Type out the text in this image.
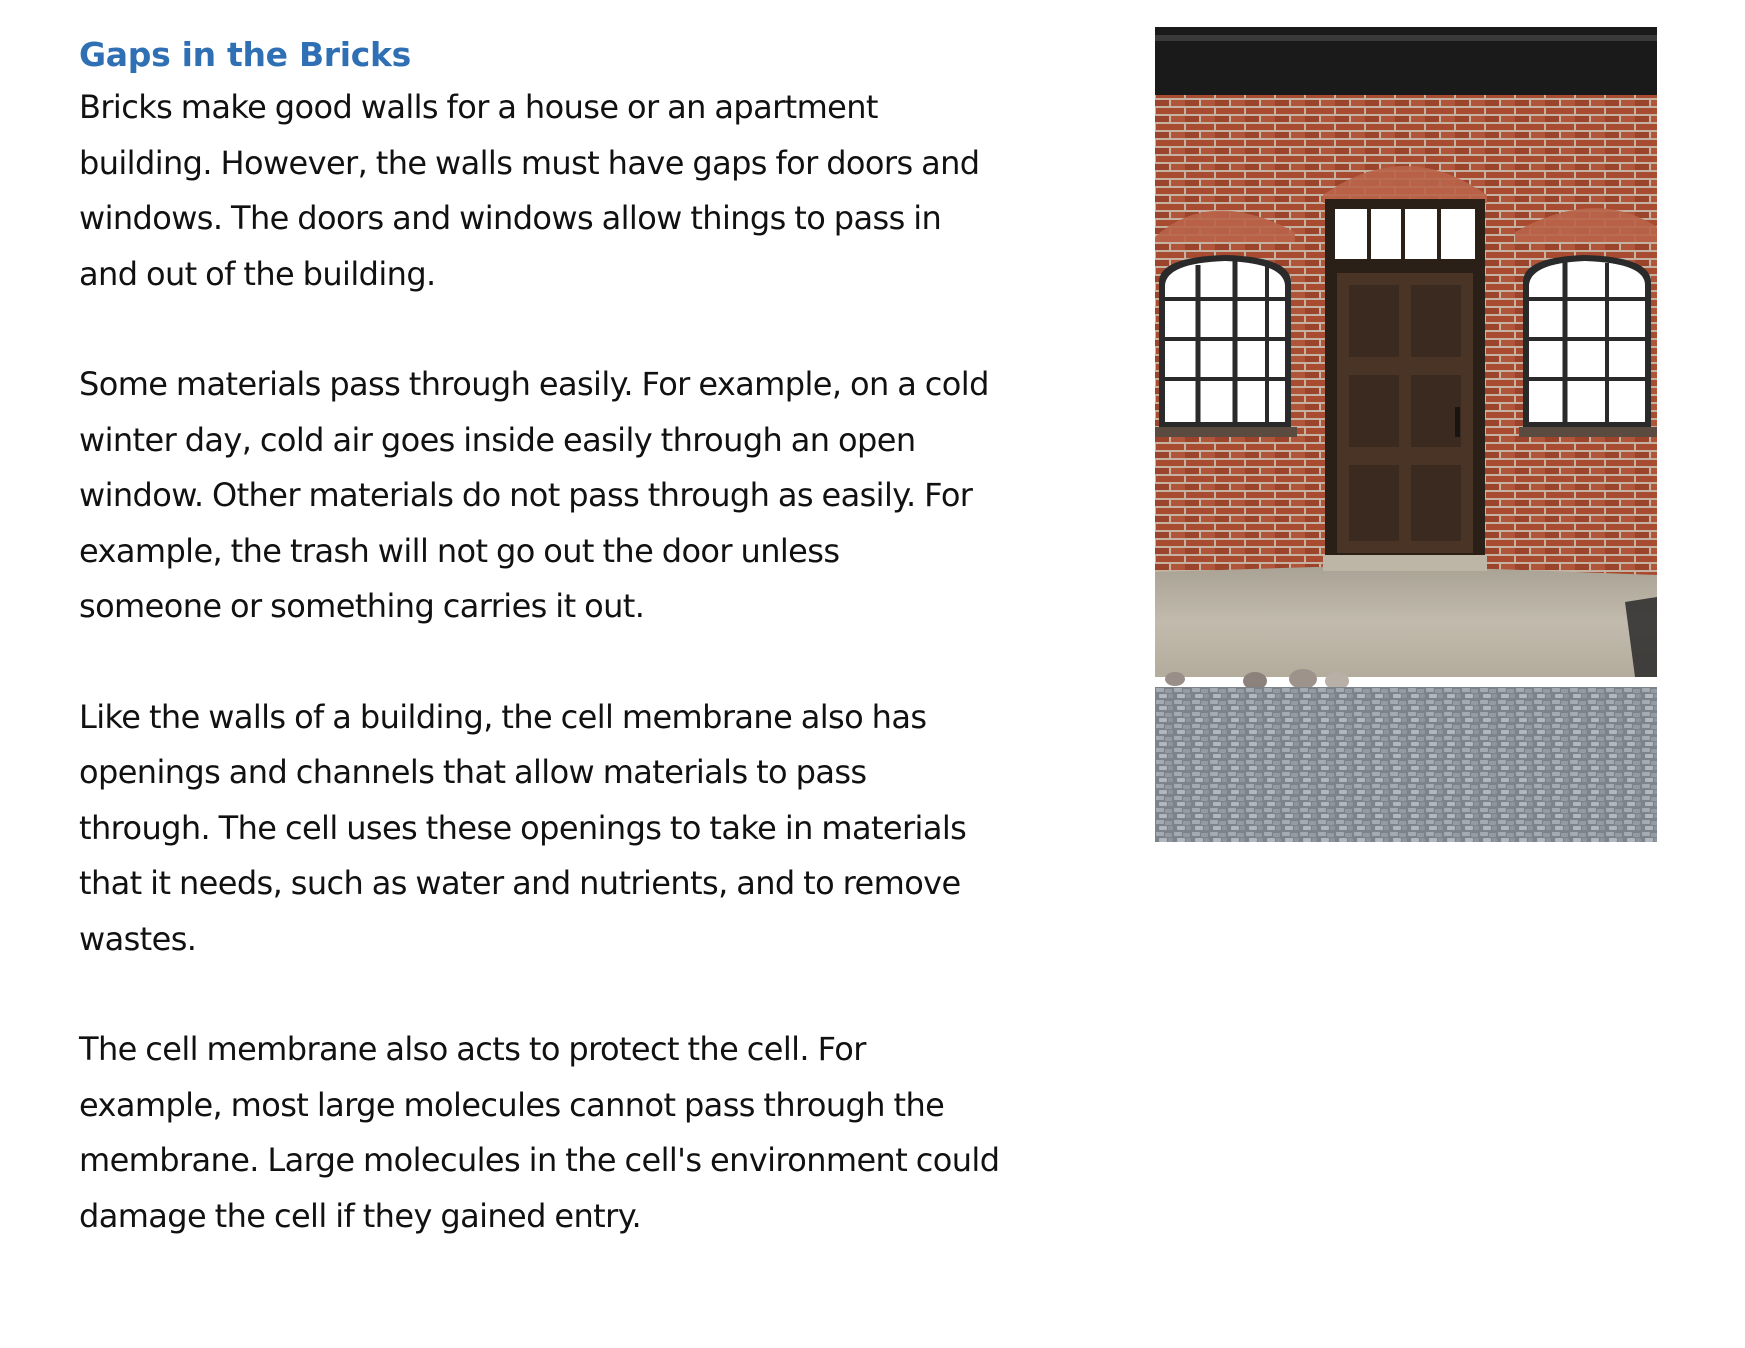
Gaps in the Bricks

Bricks make good walls for a house or an apartment
building. However, the walls must have gaps for doors and
windows. The doors and windows allow things to pass in
and out of the building.

Some materials pass through easily. For example, on a cold
winter day, cold air goes inside easily through an open
window. Other materials do not pass through as easily. For
example, the trash will not go out the door unless
someone or something carries it out.

Like the walls of a building, the cell membrane also has
openings and channels that allow materials to pass
through. The cell uses these openings to take in materials
that it needs, such as water and nutrients, and to remove
wastes.

The cell membrane also acts to protect the cell. For
example, most large molecules cannot pass through the
membrane. Large molecules in the cell's environment could
damage the cell if they gained entry.
